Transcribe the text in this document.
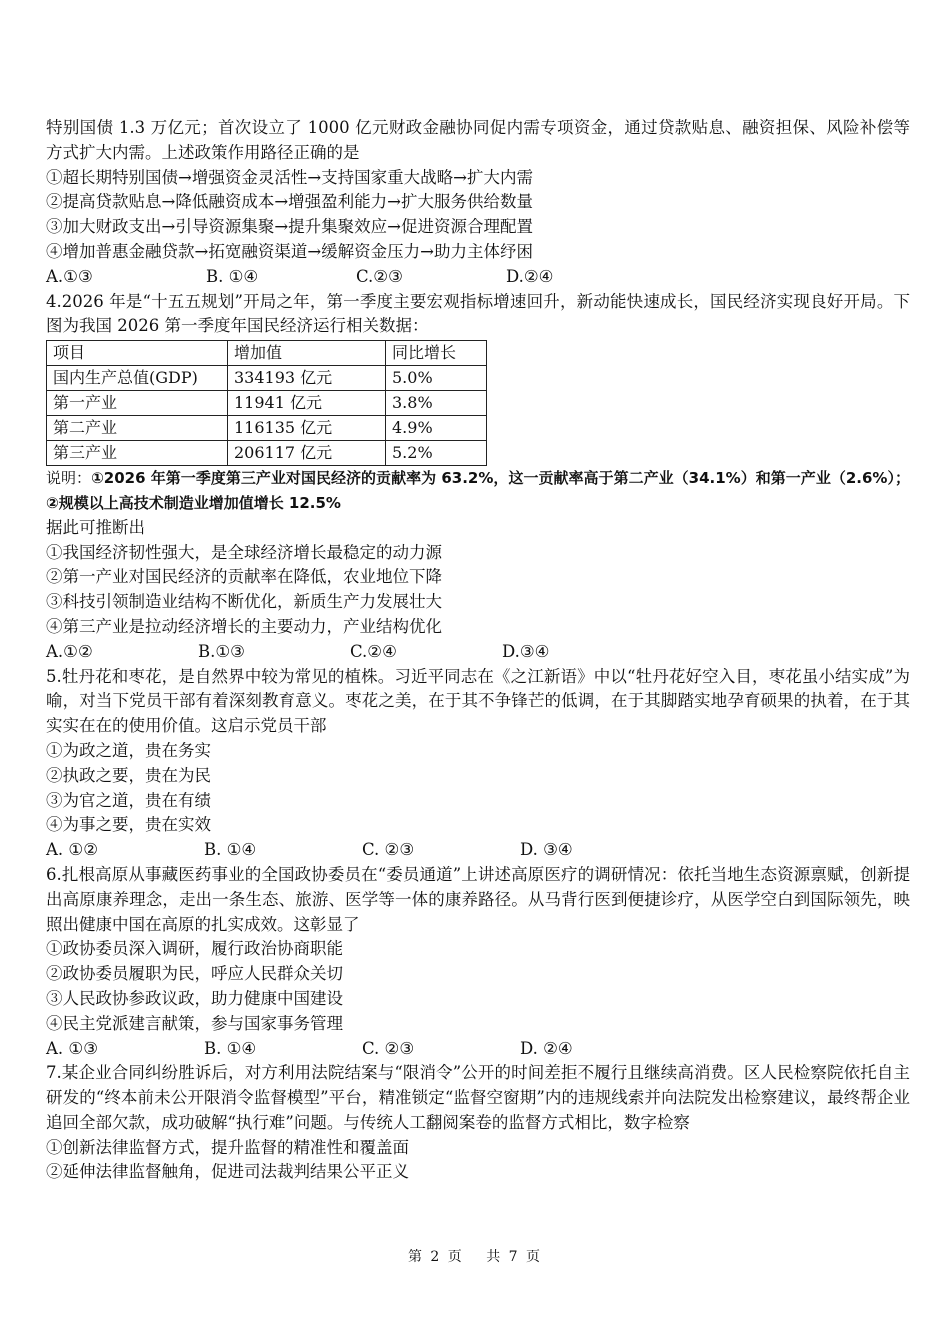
特别国债 1.3 万亿元；首次设立了 1000 亿元财政金融协同促内需专项资金，通过贷款贴息、融资担保、风险补偿等方式扩大内需。上述政策作用路径正确的是
①超长期特别国债→增强资金灵活性→支持国家重大战略→扩大内需
②提高贷款贴息→降低融资成本→增强盈利能力→扩大服务供给数量
③加大财政支出→引导资源集聚→提升集聚效应→促进资源合理配置
④增加普惠金融贷款→拓宽融资渠道→缓解资金压力→助力主体纾困
A.①③	B. ①④	C.②③	D.②④
4.2026 年是“十五五规划”开局之年，第一季度主要宏观指标增速回升，新动能快速成长，国民经济实现良好开局。下图为我国 2026 第一季度年国民经济运行相关数据：
项目	增加值	同比增长
国内生产总值(GDP)	334193 亿元	5.0%
第一产业	11941 亿元	3.8%
第二产业	116135 亿元	4.9%
第三产业	206117 亿元	5.2%
说明：①2026 年第一季度第三产业对国民经济的贡献率为 63.2%，这一贡献率高于第二产业（34.1%）和第一产业（2.6%）；②规模以上高技术制造业增加值增长 12.5%
据此可推断出
①我国经济韧性强大，是全球经济增长最稳定的动力源
②第一产业对国民经济的贡献率在降低，农业地位下降
③科技引领制造业结构不断优化，新质生产力发展壮大
④第三产业是拉动经济增长的主要动力，产业结构优化
A.①②	B.①③	C.②④	D.③④
5.牡丹花和枣花，是自然界中较为常见的植株。习近平同志在《之江新语》中以“牡丹花好空入目，枣花虽小结实成”为喻，对当下党员干部有着深刻教育意义。枣花之美，在于其不争锋芒的低调，在于其脚踏实地孕育硕果的执着，在于其实实在在的使用价值。这启示党员干部
①为政之道，贵在务实
②执政之要，贵在为民
③为官之道，贵在有绩
④为事之要，贵在实效
A. ①②	B. ①④	C. ②③	D. ③④
6.扎根高原从事藏医药事业的全国政协委员在“委员通道”上讲述高原医疗的调研情况：依托当地生态资源禀赋，创新提出高原康养理念，走出一条生态、旅游、医学等一体的康养路径。从马背行医到便捷诊疗，从医学空白到国际领先，映照出健康中国在高原的扎实成效。这彰显了
①政协委员深入调研，履行政治协商职能
②政协委员履职为民，呼应人民群众关切
③人民政协参政议政，助力健康中国建设
④民主党派建言献策，参与国家事务管理
A. ①③	B. ①④	C. ②③	D. ②④
7.某企业合同纠纷胜诉后，对方利用法院结案与“限消令”公开的时间差拒不履行且继续高消费。区人民检察院依托自主研发的“终本前未公开限消令监督模型”平台，精准锁定“监督空窗期”内的违规线索并向法院发出检察建议，最终帮企业追回全部欠款，成功破解“执行难”问题。与传统人工翻阅案卷的监督方式相比，数字检察
①创新法律监督方式，提升监督的精准性和覆盖面
②延伸法律监督触角，促进司法裁判结果公平正义
第 2 页　 共 7 页
